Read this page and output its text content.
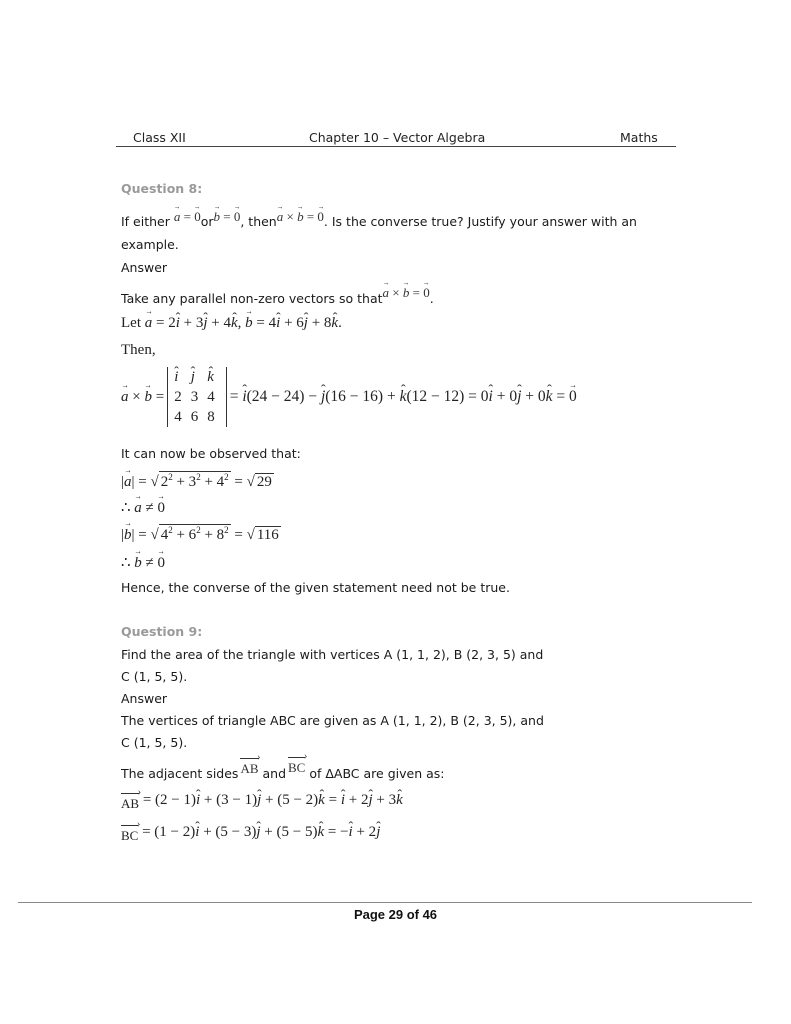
Class XII	Chapter 10 – Vector Algebra	Maths
Question 8:
If either → a = → 0or→ b = → 0, then→ a × → b = → 0. Is the converse true? Justify your answer with an
example.
Answer
Take any parallel non-zero vectors so that→ a × → b = → 0.
Let → a = 2ˆ i + 3ˆ j + 4ˆ k, → b = 4ˆ i + 6ˆ j + 8ˆ k.
Then,
→ a × → b =
ˆ i	ˆ j	ˆ k
2	3	4
4	6	8
= ˆ i(24 − 24) − ˆ j(16 − 16) + ˆ k(12 − 12) = 0ˆ i + 0ˆ j + 0ˆ k = → 0
It can now be observed that:
|→ a| = √ $2^2 + 3^2 + 4^2$ = √ 29
∴ → a ≠ → 0
|→ b| = √ $4^2 + 6^2 + 8^2$ = √ 116
∴ → b ≠ → 0
Hence, the converse of the given statement need not be true.
Question 9:
Find the area of the triangle with vertices A (1, 1, 2), B (2, 3, 5) and
C (1, 5, 5).
Answer
The vertices of triangle ABC are given as A (1, 1, 2), B (2, 3, 5), and
C (1, 5, 5).
The adjacent sides AB › and BC › of ΔABC are given as:
AB › = (2 − 1)ˆ i + (3 − 1)ˆ j + (5 − 2)ˆ k = ˆ i + 2ˆ j + 3ˆ k
BC › = (1 − 2)ˆ i + (5 − 3)ˆ j + (5 − 5)ˆ k = −ˆ i + 2ˆ j
Page 29 of 46
